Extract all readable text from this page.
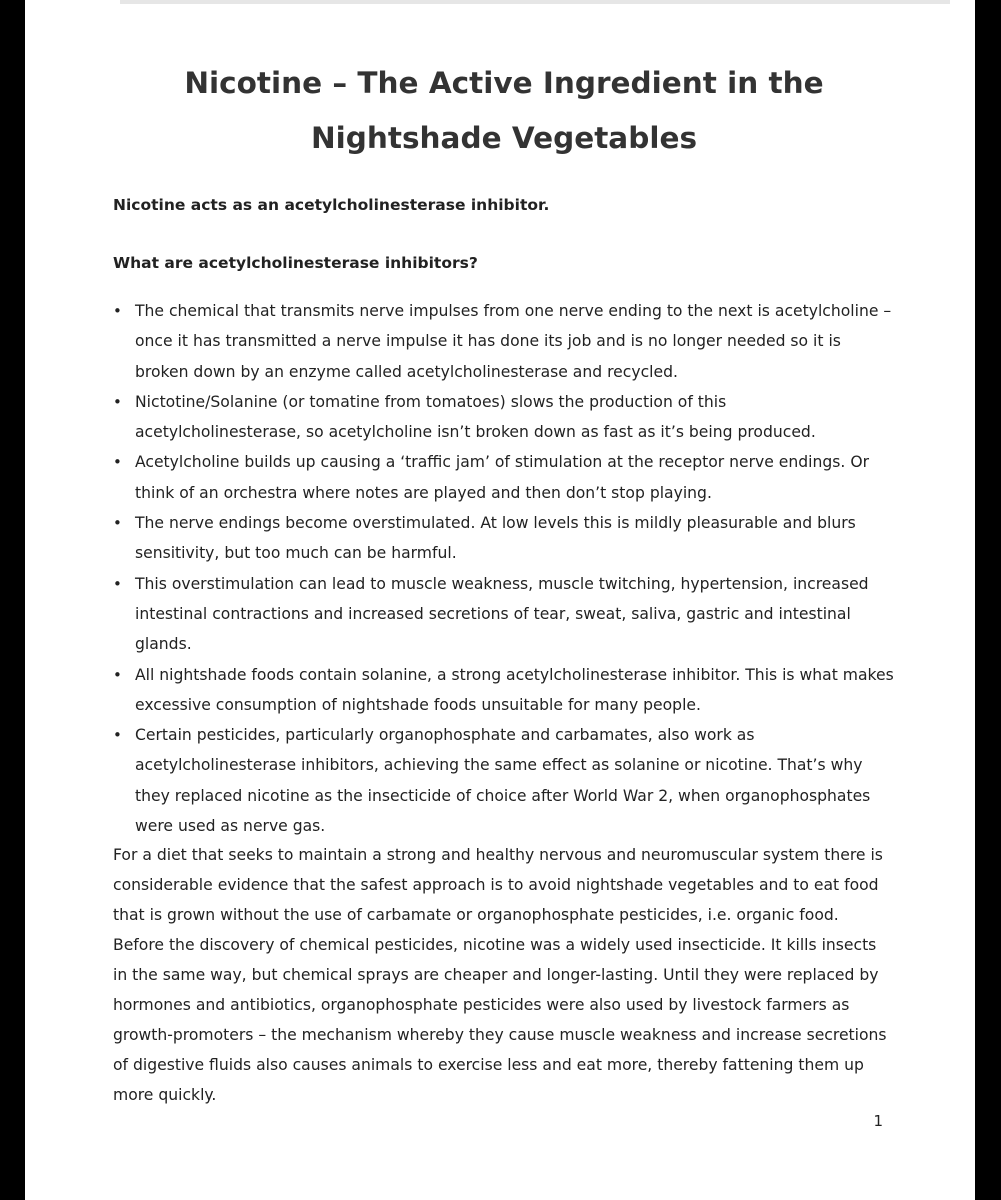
Nicotine – The Active Ingredient in the Nightshade Vegetables

Nicotine acts as an acetylcholinesterase inhibitor.

What are acetylcholinesterase inhibitors?

• The chemical that transmits nerve impulses from one nerve ending to the next is acetylcholine – once it has transmitted a nerve impulse it has done its job and is no longer needed so it is broken down by an enzyme called acetylcholinesterase and recycled.
• Nictotine/Solanine (or tomatine from tomatoes) slows the production of this acetylcholinesterase, so acetylcholine isn’t broken down as fast as it’s being produced.
• Acetylcholine builds up causing a ‘traffic jam’ of stimulation at the receptor nerve endings. Or think of an orchestra where notes are played and then don’t stop playing.
• The nerve endings become overstimulated. At low levels this is mildly pleasurable and blurs sensitivity, but too much can be harmful.
• This overstimulation can lead to muscle weakness, muscle twitching, hypertension, increased intestinal contractions and increased secretions of tear, sweat, saliva, gastric and intestinal glands.
• All nightshade foods contain solanine, a strong acetylcholinesterase inhibitor. This is what makes excessive consumption of nightshade foods unsuitable for many people.
• Certain pesticides, particularly organophosphate and carbamates, also work as acetylcholinesterase inhibitors, achieving the same effect as solanine or nicotine. That’s why they replaced nicotine as the insecticide of choice after World War 2, when organophosphates were used as nerve gas.

For a diet that seeks to maintain a strong and healthy nervous and neuromuscular system there is considerable evidence that the safest approach is to avoid nightshade vegetables and to eat food that is grown without the use of carbamate or organophosphate pesticides, i.e. organic food.

Before the discovery of chemical pesticides, nicotine was a widely used insecticide. It kills insects in the same way, but chemical sprays are cheaper and longer-lasting. Until they were replaced by hormones and antibiotics, organophosphate pesticides were also used by livestock farmers as growth-promoters – the mechanism whereby they cause muscle weakness and increase secretions of digestive fluids also causes animals to exercise less and eat more, thereby fattening them up more quickly.

1
